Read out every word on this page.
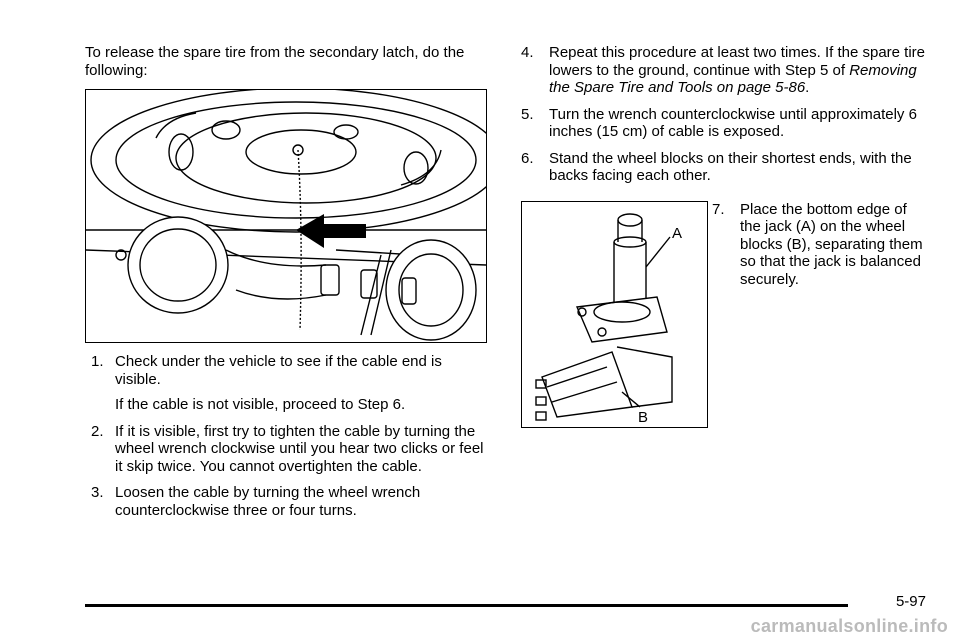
To release the spare tire from the secondary latch, do the following:

1. Check under the vehicle to see if the cable end is visible.
If the cable is not visible, proceed to Step 6.
2. If it is visible, first try to tighten the cable by turning the wheel wrench clockwise until you hear two clicks or feel it skip twice. You cannot overtighten the cable.
3. Loosen the cable by turning the wheel wrench counterclockwise three or four turns.
4. Repeat this procedure at least two times. If the spare tire lowers to the ground, continue with Step 5 of Removing the Spare Tire and Tools on page 5-86.
5. Turn the wrench counterclockwise until approximately 6 inches (15 cm) of cable is exposed.
6. Stand the wheel blocks on their shortest ends, with the backs facing each other.
A
B
7.	Place the bottom edge of the jack (A) on the wheel blocks (B), separating them so that the jack is balanced securely.
5-97
carmanualsonline.info
